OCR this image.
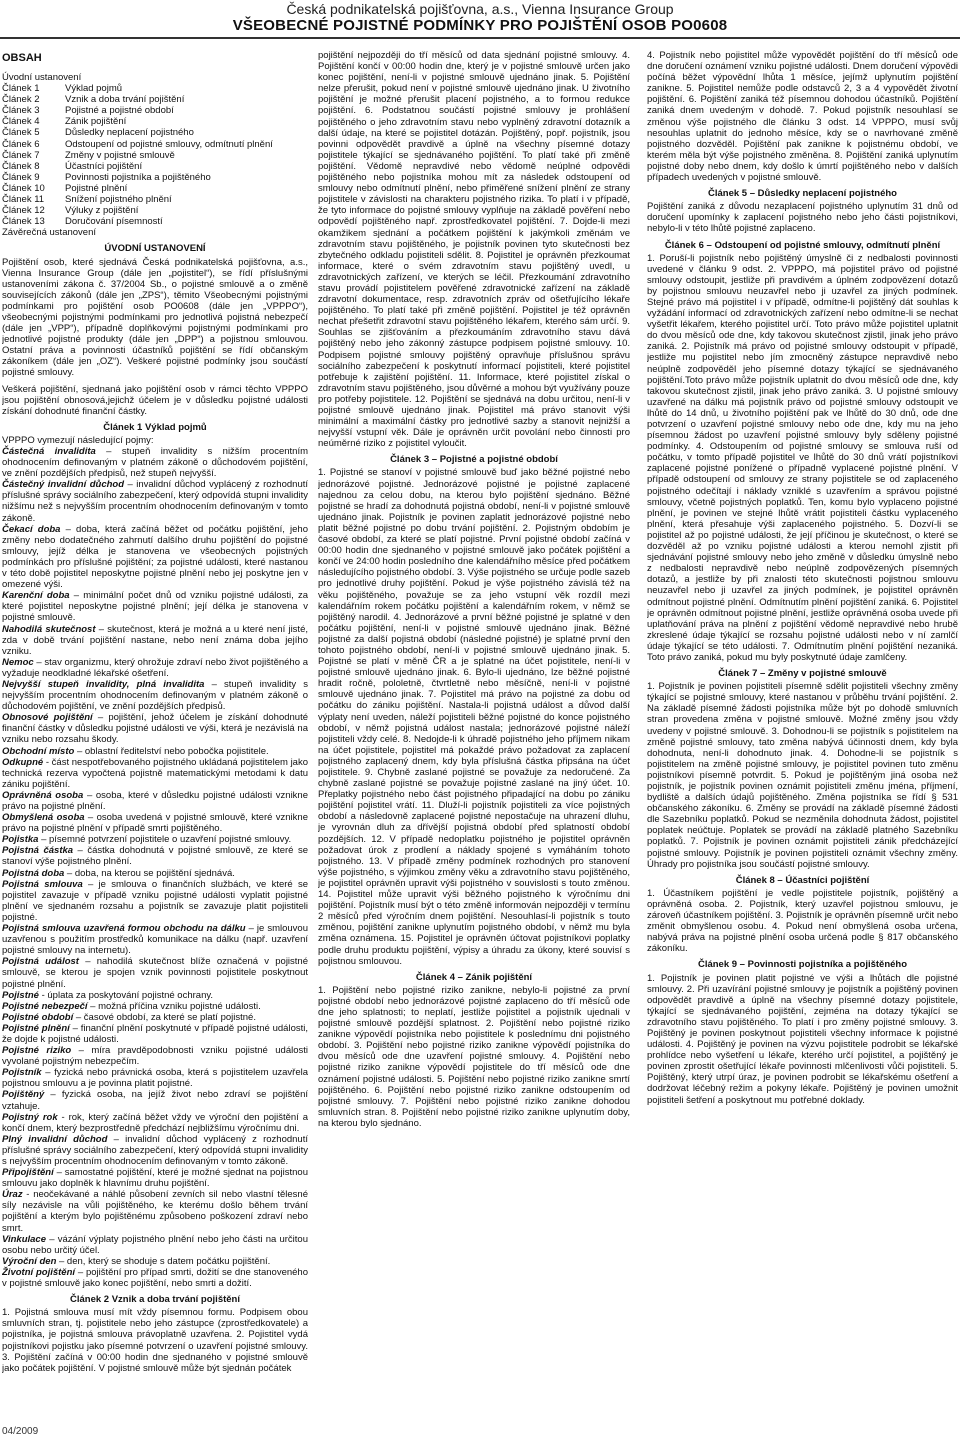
Česká podnikatelská pojišťovna, a.s., Vienna Insurance Group
VŠEOBECNÉ POJISTNÉ PODMÍNKY PRO POJIŠTĚNÍ OSOB PO0608
OBSAH
Úvodní ustanovení
Článek 1	Výklad pojmů
Článek 2	Vznik a doba trvání pojištění
Článek 3	Pojistné a pojistné období
Článek 4	Zánik pojištění
Článek 5	Důsledky neplacení pojistného
Článek 6	Odstoupení od pojistné smlouvy, odmítnutí plnění
Článek 7	Změny v pojistné smlouvě
Článek 8	Účastníci pojištění
Článek 9	Povinnosti pojistníka a pojištěného
Článek 10 Pojistné plnění
Článek 11 Snížení pojistného plnění
Článek 12 Výluky z pojištění
Článek 13 Doručování písemností
Závěrečná ustanovení
ÚVODNÍ USTANOVENÍ

Pojištění osob, které sjednává Česká podnikatelská pojišťovna, a.s., Vienna Insurance Group (dále jen „pojistitel“), se řídí příslušnými ustanoveními zákona č. 37/2004 Sb., o pojistné smlouvě a o změně souvisejících zákonů (dále jen „ZPS“), těmito Všeobecnými pojistnými podmínkami pro pojištění osob PO0608 (dále jen „VPPPO“), všeobecnými pojistnými podmínkami pro jednotlivá pojistná nebezpečí (dále jen „VPP“), případně doplňkovými pojistnými podmínkami pro jednotlivé pojistné produkty (dále jen „DPP“) a pojistnou smlouvou. Ostatní práva a povinnosti účastníků pojištění se řídí občanským zákoníkem (dále jen „OZ“). Veškeré pojistné podmínky jsou součástí pojistné smlouvy.

Veškerá pojištění, sjednaná jako pojištění osob v rámci těchto VPPPO jsou pojištění obnosová,jejichž účelem je v důsledku pojistné události získání dohodnuté finanční částky.

Článek 1 Výklad pojmů

VPPPO vymezují následující pojmy:

Částečná invalidita – stupeň invalidity s nižším procentním ohodnocením definovaným v platném zákoně o důchodovém pojištění, ve znění pozdějších předpisů, než stupeň nejvyšší.

Částečný invalidní důchod – invalidní důchod vyplácený z rozhodnutí příslušné správy sociálního zabezpečení, který odpovídá stupni invalidity nižšímu než s nejvyšším procentním ohodnocením definovaným v tomto zákoně.

Čekací doba – doba, která začíná běžet od počátku pojištění, jeho změny nebo dodatečného zahrnutí dalšího druhu pojištění do pojistné smlouvy, jejíž délka je stanovena ve všeobecných pojistných podmínkách pro příslušné pojištění; za pojistné události, které nastanou v této době pojistitel neposkytne pojistné plnění nebo jej poskytne jen v omezené výši.

Karenční doba – minimální počet dnů od vzniku pojistné události, za které pojistitel neposkytne pojistné plnění; její délka je stanovena v pojistné smlouvě.

Nahodilá skutečnost – skutečnost, která je možná a u které není jisté, zda v době trvání pojištění nastane, nebo není známa doba jejího vzniku.

Nemoc – stav organizmu, který ohrožuje zdraví nebo život pojištěného a vyžaduje neodkladné lékařské ošetření.

Nejvyšší stupeň invalidity, plná invalidita – stupeň invalidity s nejvyšším procentním ohodnocením definovaným v platném zákoně o důchodovém pojištění, ve znění pozdějších předpisů.

Obnosové pojištění – pojištění, jehož účelem je získání dohodnuté finanční částky v důsledku pojistné události ve výši, která je nezávislá na vzniku nebo rozsahu škody.

Obchodní místo – oblastní ředitelství nebo pobočka pojistitele.

Odkupné - část nespotřebovaného pojistného ukládaná pojistitelem jako technická rezerva vypočtená pojistně matematickými metodami k datu zániku pojištění.

Oprávněná osoba – osoba, které v důsledku pojistné události vznikne právo na pojistné plnění.

Obmyšlená osoba – osoba uvedená v pojistné smlouvě, které vznikne právo na pojistné plnění v případě smrti pojištěného.

Pojistka – písemné potvrzení pojistitele o uzavření pojistné smlouvy.

Pojistná částka – částka dohodnutá v pojistné smlouvě, ze které se stanoví výše pojistného plnění.

Pojistná doba – doba, na kterou se pojištění sjednává.

Pojistná smlouva – je smlouva o finančních službách, ve které se pojistitel zavazuje v případě vzniku pojistné události vyplatit pojistné plnění ve sjednaném rozsahu a pojistník se zavazuje platit pojistiteli pojistné.

Pojistná smlouva uzavřená formou obchodu na dálku – je smlouvou uzavřenou s použitím prostředků komunikace na dálku (např. uzavření pojistné smlouvy na internetu).

Pojistná událost – nahodilá skutečnost blíže označená v pojistné smlouvě, se kterou je spojen vznik povinnosti pojistitele poskytnout pojistné plnění.

Pojistné - úplata za poskytování pojistné ochrany.

Pojistné nebezpečí – možná příčina vzniku pojistné události.

Pojistné období – časové období, za které se platí pojistné.

Pojistné plnění – finanční plnění poskytnuté v případě pojistné události, že dojde k pojistné události.

Pojistné riziko – míra pravděpodobnosti vzniku pojistné události vyvolané pojistným nebezpečím.

Pojistník – fyzická nebo právnická osoba, která s pojistitelem uzavřela pojistnou smlouvu a je povinna platit pojistné.

Pojištěný – fyzická osoba, na jejíž život nebo zdraví se pojištění vztahuje.

Pojistný rok - rok, který začíná běžet vždy ve výroční den pojištění a končí dnem, který bezprostředně předchází nejbližšímu výročnímu dni.

Plný invalidní důchod – invalidní důchod vyplácený z rozhodnutí příslušné správy sociálního zabezpečení, který odpovídá stupni invalidity s nejvyšším procentním ohodnocením definovaným v tomto zákoně.

Připojištění – samostatné pojištění, které je možné sjednat na pojistnou smlouvu jako doplněk k hlavnímu druhu pojištění.

Úraz - neočekávané a náhlé působení zevních sil nebo vlastní tělesné síly nezávisle na vůli pojištěného, ke kterému došlo během trvání pojištění a kterým bylo pojištěnému způsobeno poškození zdraví nebo smrt.

Vinkulace – vázání výplaty pojistného plnění nebo jeho části na určitou osobu nebo určitý účel.

Výroční den – den, který se shoduje s datem počátku pojištění.

Životní pojištění – pojištění pro případ smrti, dožití se dne stanoveného v pojistné smlouvě jako konec pojištění, nebo smrti a dožití.

Článek 2 Vznik a doba trvání pojištění

1. Pojistná smlouva musí mít vždy písemnou formu. Podpisem obou smluvních stran, tj. pojistitele nebo jeho zástupce (zprostředkovatele) a pojistníka, je pojistná smlouva právoplatně uzavřena. 2. Pojistitel vydá pojistníkovi pojistku jako písemné potvrzení o uzavření pojistné smlouvy. 3. Pojištění začíná v 00:00 hodin dne sjednaného v pojistné smlouvě jako počátek pojištění. V pojistné smlouvě může být sjednán počátek

pojištění nejpozději do tří měsíců od data sjednání pojistné smlouvy. 4. Pojištění končí v 00:00 hodin dne, který je v pojistné smlouvě určen jako konec pojištění, není-li v pojistné smlouvě ujednáno jinak. 5. Pojištění nelze přerušit, pokud není v pojistné smlouvě ujednáno jinak. U životního pojištění je možné přerušit placení pojistného, a to formou redukce pojištění. 6. Podstatnou součástí pojistné smlouvy je prohlášení pojištěného o jeho zdravotním stavu nebo vyplněný zdravotní dotazník a další údaje, na které se pojistitel dotázán. Pojištěný, popř. pojistník, jsou povinni odpovědět pravdivě a úplně na všechny písemné dotazy pojistitele týkající se sjednávaného pojištění. To platí také při změně pojištění. Vědomě nepravdivé nebo vědomě neúplné odpovědi pojištěného nebo pojistníka mohou mít za následek odstoupení od smlouvy nebo odmítnutí plnění, nebo přiměřené snížení plnění ze strany pojistitele v závislosti na charakteru pojistného rizika. To platí i v případě, že tyto informace do pojistné smlouvy vyplňuje na základě pověření nebo odpovědí pojištěného např. zprostředkovatel pojištění. 7. Dojde-li mezi okamžikem sjednání a počátkem pojištění k jakýmkoli změnám ve zdravotním stavu pojištěného, je pojistník povinen tyto skutečnosti bez zbytečného odkladu pojistiteli sdělit. 8. Pojistitel je oprávněn přezkoumat informace, které o svém zdravotním stavu pojištěný uvedl, u zdravotnických zařízení, ve kterých se léčil. Přezkoumání zdravotního stavu provádí pojistitelem pověřené zdravotnické zařízení na základě zdravotní dokumentace, resp. zdravotních zpráv od ošetřujícího lékaře pojištěného. To platí také při změně pojištění. Pojistitel je též oprávněn nechat přešetřit zdravotní stavu pojištěného lékařem, kterého sám určí. 9. Souhlas se zjišťováním a přezkoumáním zdravotního stavu dává pojištěný nebo jeho zákonný zástupce podpisem pojistné smlouvy. 10. Podpisem pojistné smlouvy pojištěný opravňuje příslušnou správu sociálního zabezpečení k poskytnutí informací pojistiteli, které pojistitel potřebuje k zajištění pojištění. 11. Informace, které pojistitel získal o zdravotním stavu pojištěného, jsou důvěrné a mohou být využívány pouze pro potřeby pojistitele. 12. Pojištění se sjednává na dobu určitou, není-li v pojistné smlouvě ujednáno jinak. Pojistitel má právo stanovit výši minimální a maximální částky pro jednotlivé sazby a stanovit nejnižší a nejvyšší vstupní věk. Dále je oprávněn určit povolání nebo činnosti pro neúměrné riziko z pojistitel vyloučit.

Článek 3 – Pojistné a pojistné období

1. Pojistné se stanoví v pojistné smlouvě buď jako běžné pojistné nebo jednorázové pojistné. Jednorázové pojistné je pojistné zaplacené najednou za celou dobu, na kterou bylo pojištění sjednáno. Běžné pojistné se hradí za dohodnutá pojistná období, není-li v pojistné smlouvě ujednáno jinak. Pojistník je povinen zaplatit jednorázové pojistné nebo platit běžné pojistné po dobu trvání pojištění. 2. Pojistným obdobím je časové období, za které se platí pojistné. První pojistné období začíná v 00:00 hodin dne sjednaného v pojistné smlouvě jako počátek pojištění a končí ve 24:00 hodin posledního dne kalendářního měsíce před počátkem následujícího pojistného období. 3. Výše pojistného se určuje podle sazeb pro jednotlivé druhy pojištění. Pokud je výše pojistného závislá též na věku pojištěného, považuje se za jeho vstupní věk rozdíl mezi kalendářním rokem počátku pojištění a kalendářním rokem, v němž se pojištěný narodil. 4. Jednorázové a první běžné pojistné je splatné v den počátku pojištění, není-li v pojistné smlouvě ujednáno jinak. Běžné pojistné za další pojistná období (následné pojistné) je splatné první den tohoto pojistného období, není-li v pojistné smlouvě ujednáno jinak. 5. Pojistné se platí v měně ČR a je splatné na účet pojistitele, není-li v pojistné smlouvě ujednáno jinak. 6. Bylo-li ujednáno, lze běžné pojistné hradit ročně, pololetně, čtvrtletně nebo měsíčně, není-li v pojistné smlouvě ujednáno jinak. 7. Pojistitel má právo na pojistné za dobu od počátku do zániku pojištění. Nastala-li pojistná událost a důvod další výplaty není uveden, náleží pojistiteli běžné pojistné do konce pojistného období, v němž pojistná událost nastala; jednorázové pojistné náleží pojistiteli vždy celé. 8. Nedojde-li k úhradě pojistného jeho příjmem nikam na účet pojistitele, pojistitel má pokaždé právo požadovat za zaplacení pojistného zaplacený dnem, kdy byla příslušná částka připsána na účet pojistitele. 9. Chybně zaslané pojistné se považuje za nedoručené. Za chybně zaslané pojistné se považuje pojistné zaslané na jiný účet. 10. Přeplatky pojistného nebo část pojistného připadající na dobu po zániku pojištění pojistitel vrátí. 11. Dluží-li pojistník pojistiteli za více pojistných období a následovně zaplacené pojistné nepostačuje na uhrazení dluhu, je vyrovnán dluh za dřívější pojistná období před splatností období pozdějších. 12. V případě nedoplatku pojistného je pojistitel oprávněn požadovat úrok z prodlení a náklady spojené s vymáháním tohoto pojistného. 13. V případě změny podmínek rozhodných pro stanovení výše pojistného, s výjimkou změny věku a zdravotního stavu pojištěného, je pojistitel oprávněn upravit výši pojistného v souvislosti s touto změnou. 14. Pojistitel může upravit výši běžného pojistného k výročnímu dni pojištění. Pojistník musí být o této změně informován nejpozději v termínu 2 měsíců před výročním dnem pojištění. Nesouhlasí-li pojistník s touto změnou, pojištění zanikne uplynutím pojistného období, v němž mu byla změna oznámena. 15. Pojistitel je oprávněn účtovat pojistníkovi poplatky podle druhu produktu pojištění, výpisy a úhradu za úkony, které souvisí s pojistnou smlouvou.

Článek 4 – Zánik pojištění

1. Pojištění nebo pojistné riziko zanikne, nebylo-li pojistné za první pojistné období nebo jednorázové pojistné zaplaceno do tří měsíců ode dne jeho splatnosti; to neplatí, jestliže pojistitel a pojistník ujednali v pojistné smlouvě pozdější splatnost. 2. Pojištění nebo pojistné riziko zanikne výpovědí pojistníka nebo pojistitele k poslednímu dni pojistného období. 3. Pojištění nebo pojistné riziko zanikne výpovědí pojistníka do dvou měsíců ode dne uzavření pojistné smlouvy. 4. Pojištění nebo pojistné riziko zanikne výpovědí pojistitele do tří měsíců ode dne oznámení pojistné události. 5. Pojištění nebo pojistné riziko zanikne smrtí pojištěného. 6. Pojištění nebo pojistné riziko zanikne odstoupením od pojistné smlouvy. 7. Pojištění nebo pojistné riziko zanikne dohodou smluvních stran. 8. Pojištění nebo pojistné riziko zanikne uplynutím doby, na kterou bylo sjednáno.

4. Pojistník nebo pojistitel může vypovědět pojištění do tří měsíců ode dne doručení oznámení vzniku pojistné události. Dnem doručení výpovědi počíná běžet výpovědní lhůta 1 měsíce, jejímž uplynutím pojištění zanikne. 5. Pojistitel nemůže podle odstavců 2, 3 a 4 vypovědět životní pojištění. 6. Pojištění zaniká též písemnou dohodou účastníků. Pojištění zaniká dnem uvedeným v dohodě. 7. Pokud pojistník nesouhlasí se změnou výše pojistného dle článku 3 odst. 14 VPPPO, musí svůj nesouhlas uplatnit do jednoho měsíce, kdy se o navrhované změně pojistného dozvěděl. Pojištění pak zanikne k pojistnému období, ve kterém měla být výše pojistného změněna. 8. Pojištění zaniká uplynutím pojistné doby nebo dnem, kdy došlo k úmrtí pojištěného nebo v dalších případech uvedených v pojistné smlouvě.

Článek 5 – Důsledky neplacení pojistného

Pojištění zaniká z důvodu nezaplacení pojistného uplynutím 31 dnů od doručení upomínky k zaplacení pojistného nebo jeho části pojistníkovi, nebylo-li v této lhůtě pojistné zaplaceno.

Článek 6 – Odstoupení od pojistné smlouvy, odmítnutí plnění

1. Poruší-li pojistník nebo pojištěný úmyslně či z nedbalosti povinnosti uvedené v článku 9 odst. 2. VPPPO, má pojistitel právo od pojistné smlouvy odstoupit, jestliže při pravdivém a úplném zodpovězení dotazů by pojistnou smlouvu neuzavřel nebo ji uzavřel za jiných podmínek. Stejné právo má pojistitel i v případě, odmítne-li pojištěný dát souhlas k vyžádání informací od zdravotnických zařízení nebo odmítne-li se nechat vyšetřit lékařem, kterého pojistitel určí. Toto právo může pojistitel uplatnit do dvou měsíců ode dne, kdy takovou skutečnost zjistil, jinak jeho právo zaniká. 2. Pojistník má právo od pojistné smlouvy odstoupit v případě, jestliže mu pojistitel nebo jím zmocněný zástupce nepravdivě nebo neúplně zodpověděl jeho písemné dotazy týkající se sjednávaného pojištění.Toto právo může pojistník uplatnit do dvou měsíců ode dne, kdy takovou skutečnost zjistil, jinak jeho právo zaniká. 3. U pojistné smlouvy uzavřené na dálku má pojistník právo od pojistné smlouvy odstoupit ve lhůtě do 14 dnů, u životního pojištění pak ve lhůtě do 30 dnů, ode dne potvrzení o uzavření pojistné smlouvy nebo ode dne, kdy mu na jeho písemnou žádost po uzavření pojistné smlouvy byly sděleny pojistné podmínky. 4. Odstoupením od pojistné smlouvy se smlouva ruší od počátku, v tomto případě pojistitel ve lhůtě do 30 dnů vrátí pojistníkovi zaplacené pojistné ponížené o případně vyplacené pojistné plnění. V případě odstoupení od smlouvy ze strany pojistitele se od zaplaceného pojistného odečítají i náklady vzniklé s uzavřením a správou pojistné smlouvy, včetně pojistných poplatků. Ten, komu bylo vyplaceno pojistné plnění, je povinen ve stejné lhůtě vrátit pojistiteli částku vyplaceného plnění, která přesahuje výši zaplaceného pojistného. 5. Dozví-li se pojistitel až po pojistné události, že její příčinou je skutečnost, o které se dozvěděl až po vzniku pojistné události a kterou nemohl zjistit při sjednávání pojistné smlouvy nebo jeho změně v důsledku úmyslně nebo z nedbalosti nepravdivě nebo neúplně zodpovězených písemných dotazů, a jestliže by při znalosti této skutečnosti pojistnou smlouvu neuzavřel nebo ji uzavřel za jiných podmínek, je pojistitel oprávněn odmítnout pojistné plnění. Odmítnutím plnění pojištění zaniká. 6. Pojistitel je oprávněn odmítnout pojistné plnění, jestliže oprávněná osoba uvede při uplatňování práva na plnění z pojištění vědomě nepravdivé nebo hrubě zkreslené údaje týkající se rozsahu pojistné události nebo v ní zamlčí údaje týkající se této události. 7. Odmítnutím plnění pojištění nezaniká. Toto právo zaniká, pokud mu byly poskytnuté údaje zamlčeny.

Článek 7 – Změny v pojistné smlouvě

1. Pojistník je povinen pojistiteli písemně sdělit pojistiteli všechny změny týkající se pojistné smlouvy, které nastanou v průběhu trvání pojištění. 2. Na základě písemné žádosti pojistníka může být po dohodě smluvních stran provedena změna v pojistné smlouvě. Možné změny jsou vždy uvedeny v pojistné smlouvě. 3. Dohodnou-li se pojistník s pojistitelem na změně pojistné smlouvy, tato změna nabývá účinnosti dnem, kdy byla dohodnuta, není-li dohodnuto jinak. 4. Dohodne-li se pojistník s pojistitelem na změně pojistné smlouvy, je pojistitel povinen tuto změnu pojistníkovi písemně potvrdit. 5. Pokud je pojištěným jiná osoba než pojistník, je pojistník povinen oznámit pojistiteli změnu jména, příjmení, bydliště a dalších údajů pojištěného. Změna pojistníka se řídí § 531 občanského zákoníku. 6. Změny se provádí na základě písemné žádosti dle Sazebníku poplatků. Pokud se nezměnila dohodnuta žádost, pojistitel poplatek neúčtuje. Poplatek se provádí na základě platného Sazebníku poplatků. 7. Pojistník je povinen oznámit pojistiteli zánik předcházející pojistné smlouvy. Pojistník je povinen pojistiteli oznámit všechny změny. Úhrady pro pojistníka jsou součástí pojistné smlouvy.

Článek 8 – Účastníci pojištění

1. Účastníkem pojištění je vedle pojistitele pojistník, pojištěný a oprávněná osoba. 2. Pojistník, který uzavřel pojistnou smlouvu, je zároveň účastníkem pojištění. 3. Pojistník je oprávněn písemně určit nebo změnit obmyšlenou osobu. 4. Pokud není obmyšlená osoba určena, nabývá práva na pojistné plnění osoba určená podle § 817 občanského zákoníku.

Článek 9 – Povinnosti pojistníka a pojištěného

1. Pojistník je povinen platit pojistné ve výši a lhůtách dle pojistné smlouvy. 2. Při uzavírání pojistné smlouvy je pojistník a pojištěný povinen odpovědět pravdivě a úplně na všechny písemné dotazy pojistitele, týkající se sjednávaného pojištění, zejména na dotazy týkající se zdravotního stavu pojištěného. To platí i pro změny pojistné smlouvy. 3. Pojištěný je povinen poskytnout pojistiteli všechny informace k pojistné události. 4. Pojištěný je povinen na výzvu pojistitele podrobit se lékařské prohlídce nebo vyšetření u lékaře, kterého určí pojistitel, a pojištěný je povinen zprostit ošetřující lékaře povinnosti mlčenlivosti vůči pojistiteli. 5. Pojištěný, který utrpí úraz, je povinen podrobit se lékařskému ošetření a dodržovat léčebný režim a pokyny lékaře. Pojištěný je povinen umožnit pojistiteli šetření a poskytnout mu potřebné doklady.

04/2009
